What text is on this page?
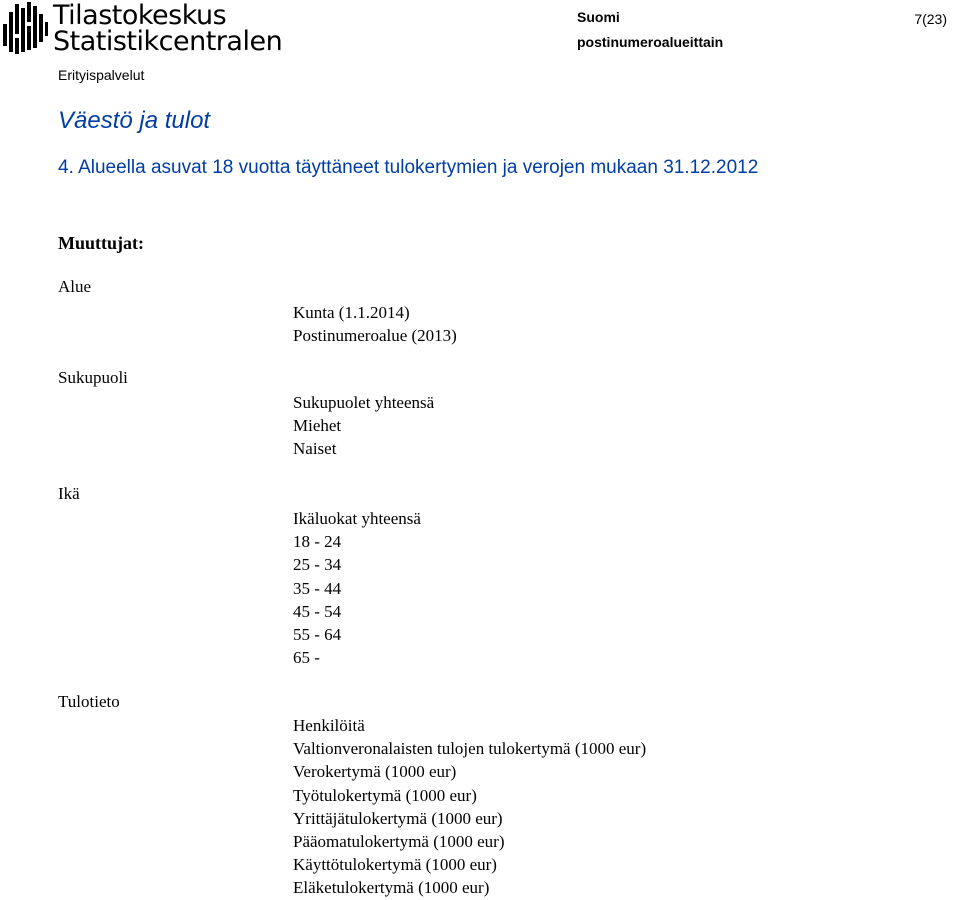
Tilastokeskus
Statistikcentralen
Erityispalvelut
Suomi
postinumeroalueittain
7(23)
Väestö ja tulot
4. Alueella asuvat 18 vuotta täyttäneet tulokertymien ja verojen mukaan 31.12.2012
Muuttujat:
Alue
Kunta (1.1.2014)
Postinumeroalue (2013)
Sukupuoli
Sukupuolet yhteensä
Miehet
Naiset
Ikä
Ikäluokat yhteensä
18 - 24
25 - 34
35 - 44
45 - 54
55 - 64
65 -
Tulotieto
Henkilöitä
Valtionveronalaisten tulojen tulokertymä (1000 eur)
Verokertymä (1000 eur)
Työtulokertymä (1000 eur)
Yrittäjätulokertymä (1000 eur)
Pääomatulokertymä (1000 eur)
Käyttötulokertymä (1000 eur)
Eläketulokertymä (1000 eur)
